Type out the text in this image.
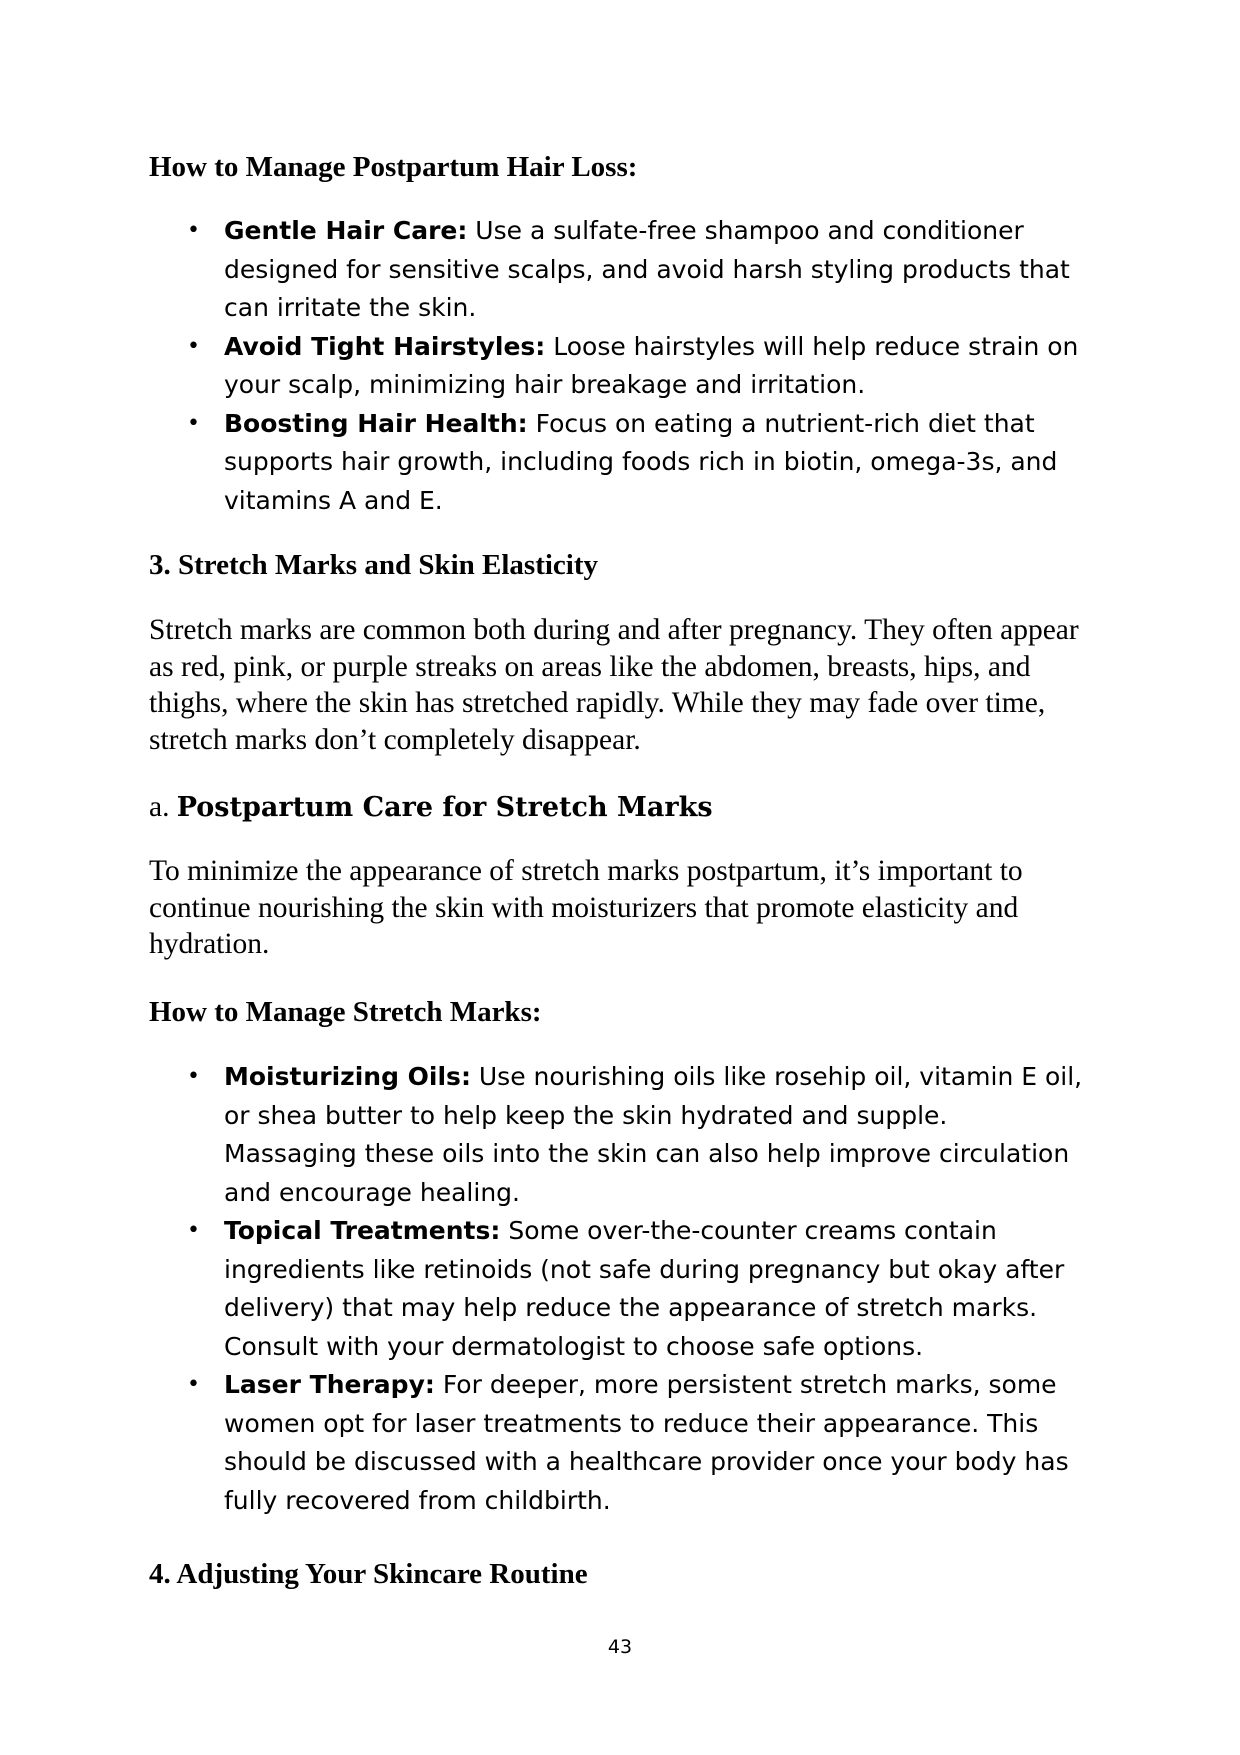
How to Manage Postpartum Hair Loss:
• Gentle Hair Care: Use a sulfate-free shampoo and conditioner designed for sensitive scalps, and avoid harsh styling products that can irritate the skin.
• Avoid Tight Hairstyles: Loose hairstyles will help reduce strain on your scalp, minimizing hair breakage and irritation.
• Boosting Hair Health: Focus on eating a nutrient-rich diet that supports hair growth, including foods rich in biotin, omega-3s, and vitamins A and E.
3. Stretch Marks and Skin Elasticity

Stretch marks are common both during and after pregnancy. They often appear as red, pink, or purple streaks on areas like the abdomen, breasts, hips, and thighs, where the skin has stretched rapidly. While they may fade over time, stretch marks don’t completely disappear.

a. Postpartum Care for Stretch Marks

To minimize the appearance of stretch marks postpartum, it’s important to continue nourishing the skin with moisturizers that promote elasticity and hydration.

How to Manage Stretch Marks:
• Moisturizing Oils: Use nourishing oils like rosehip oil, vitamin E oil, or shea butter to help keep the skin hydrated and supple. Massaging these oils into the skin can also help improve circulation and encourage healing.
• Topical Treatments: Some over-the-counter creams contain ingredients like retinoids (not safe during pregnancy but okay after delivery) that may help reduce the appearance of stretch marks. Consult with your dermatologist to choose safe options.
• Laser Therapy: For deeper, more persistent stretch marks, some women opt for laser treatments to reduce their appearance. This should be discussed with a healthcare provider once your body has fully recovered from childbirth.
4. Adjusting Your Skincare Routine
43
